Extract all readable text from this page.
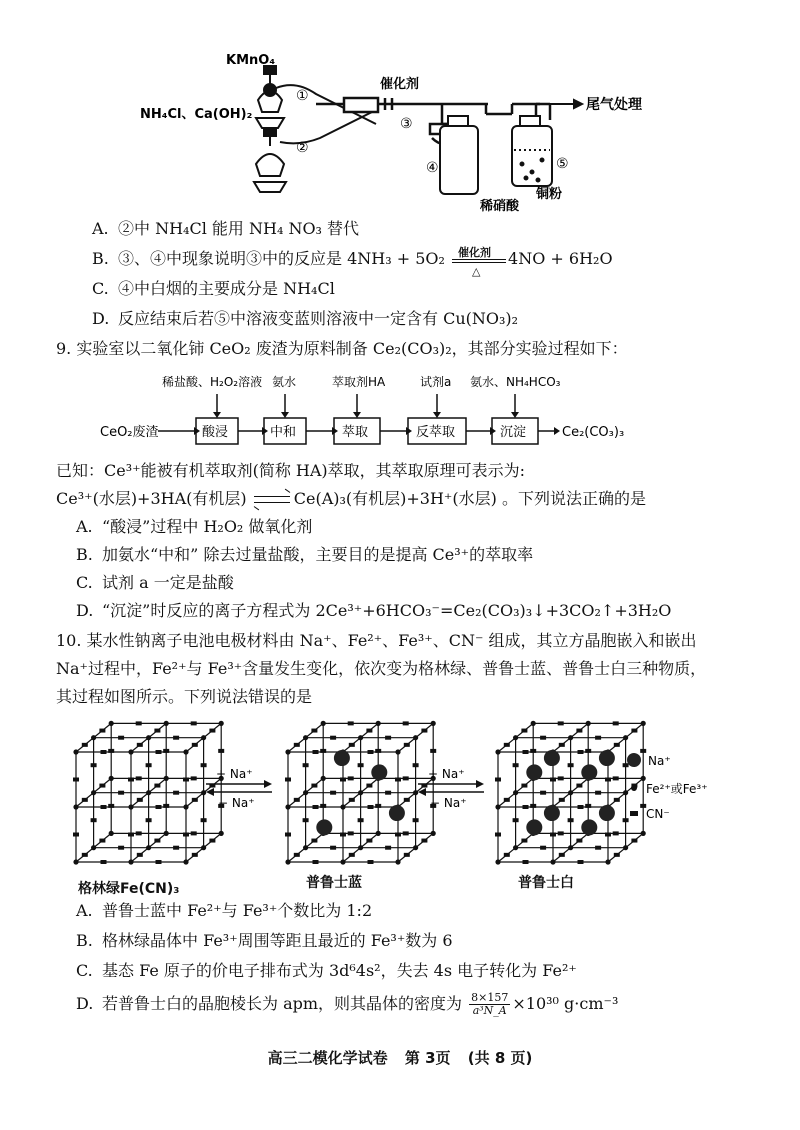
KMnO₄
NH₄Cl、Ca(OH)₂
①
②
催化剂
③
④	⑤
尾气处理
稀硝酸
铜粉
A. ②中 NH₄Cl 能用 NH₄ NO₃ 替代
B. ③、④中现象说明③中的反应是 4NH₃ + 5O₂ 催化剂
△
4NO + 6H₂O
C. ④中白烟的主要成分是 NH₄Cl
D. 反应结束后若⑤中溶液变蓝则溶液中一定含有 Cu(NO₃)₂
9. 实验室以二氧化铈 CeO₂ 废渣为原料制备 Ce₂(CO₃)₂，其部分实验过程如下：
CeO₂废渣	酸浸	中和	萃取	反萃取	沉淀	Ce₂(CO₃)₃
稀盐酸、H₂O₂溶液 氨水	萃取剂HA	试剂a 氨水、NH₄HCO₃
已知：Ce³⁺能被有机萃取剂(简称 HA)萃取，其萃取原理可表示为:
Ce³⁺(水层)+3HA(有机层) ⇌Ce(A)₃(有机层)+3H⁺(水层) 。下列说法正确的是
A. “酸浸”过程中 H₂O₂ 做氧化剂
B. 加氨水“中和” 除去过量盐酸，主要目的是提高 Ce³⁺的萃取率
C. 试剂 a 一定是盐酸
D. “沉淀”时反应的离子方程式为 2Ce³⁺+6HCO₃⁻=Ce₂(CO₃)₃↓+3CO₂↑+3H₂O
10. 某水性钠离子电池电极材料由 Na⁺、Fe²⁺、Fe³⁺、CN⁻ 组成，其立方晶胞嵌入和嵌出
Na⁺过程中，Fe²⁺与 Fe³⁺含量发生变化，依次变为格林绿、普鲁士蓝、普鲁士白三种物质，
其过程如图所示。下列说法错误的是
+ Na⁺
− Na⁺
+ Na⁺
− Na⁺
Na⁺
Fe²⁺或Fe³⁺
CN⁻
格林绿Fe(CN)₃	普鲁士蓝	普鲁士白
A. 普鲁士蓝中 Fe²⁺与 Fe³⁺个数比为 1:2
B. 格林绿晶体中 Fe³⁺周围等距且最近的 Fe³⁺数为 6
C. 基态 Fe 原子的价电子排布式为 3d⁶4s²，失去 4s 电子转化为 Fe²⁺
D. 若普鲁士白的晶胞棱长为 apm，则其晶体的密度为 $\frac{8\times 157}{\text{a³N\_A}} \times 10^{30}$ g·cm⁻³
高三二模化学试卷 第 3页 (共 8 页)
